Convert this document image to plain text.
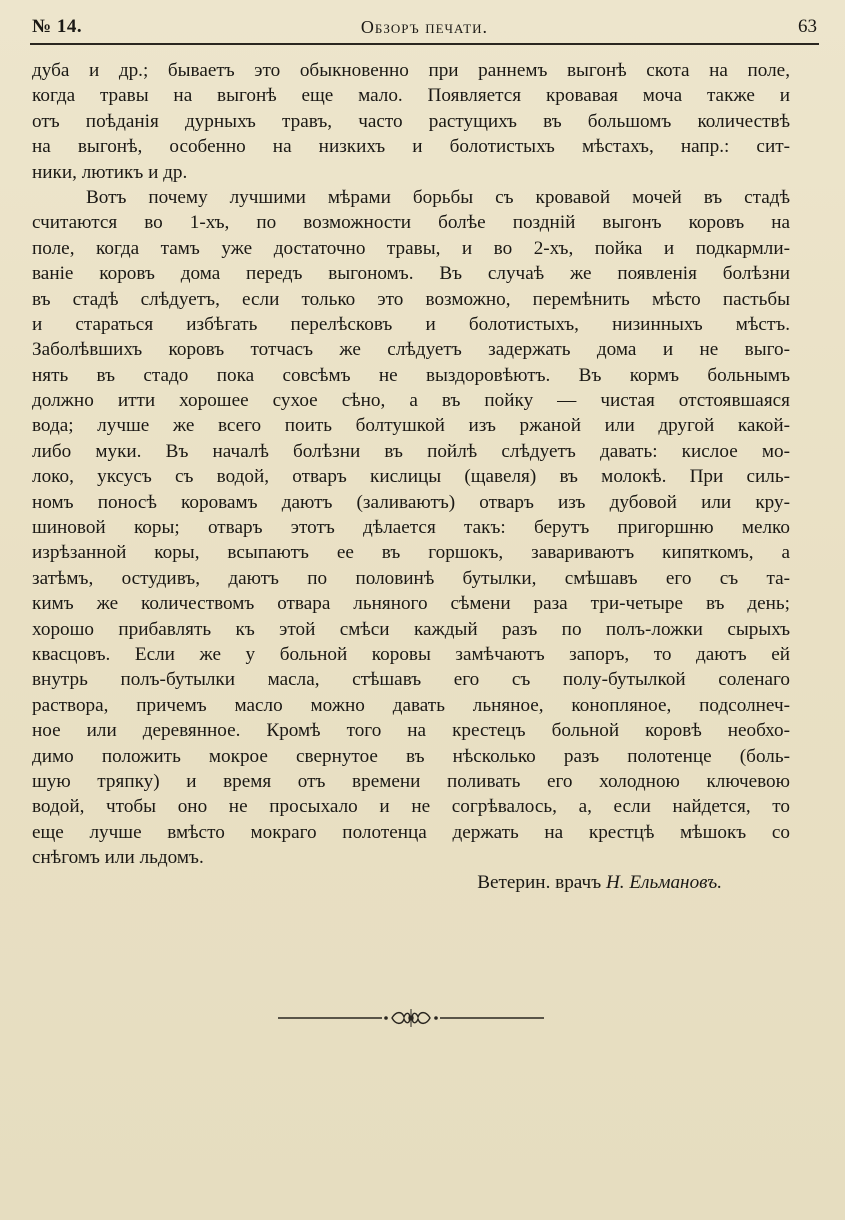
№ 14.	Обзоръ печати.	63
дуба и др.; бываетъ это обыкновенно при раннемъ выгонѣ скота на поле,
когда травы на выгонѣ еще мало. Появляется кровавая моча также и
отъ поѣданія дурныхъ травъ, часто растущихъ въ большомъ количествѣ
на выгонѣ, особенно на низкихъ и болотистыхъ мѣстахъ, напр.: сит-
ники, лютикъ и др.
Вотъ почему лучшими мѣрами борьбы съ кровавой мочей въ стадѣ
считаются во 1-хъ, по возможности болѣе поздній выгонъ коровъ на
поле, когда тамъ уже достаточно травы, и во 2-хъ, пойка и подкармли-
ваніе коровъ дома передъ выгономъ. Въ случаѣ же появленія болѣзни
въ стадѣ слѣдуетъ, если только это возможно, перемѣнить мѣсто пастьбы
и стараться избѣгать перелѣсковъ и болотистыхъ, низинныхъ мѣстъ.
Заболѣвшихъ коровъ тотчасъ же слѣдуетъ задержать дома и не выго-
нять въ стадо пока совсѣмъ не выздоровѣютъ. Въ кормъ больнымъ
должно итти хорошее сухое сѣно, а въ пойку — чистая отстоявшаяся
вода; лучше же всего поить болтушкой изъ ржаной или другой какой-
либо муки. Въ началѣ болѣзни въ пойлѣ слѣдуетъ давать: кислое мо-
локо, уксусъ съ водой, отваръ кислицы (щавеля) въ молокѣ. При силь-
номъ поносѣ коровамъ даютъ (заливаютъ) отваръ изъ дубовой или кру-
шиновой коры; отваръ этотъ дѣлается такъ: берутъ пригоршню мелко
изрѣзанной коры, всыпаютъ ее въ горшокъ, завариваютъ кипяткомъ, а
затѣмъ, остудивъ, даютъ по половинѣ бутылки, смѣшавъ его съ та-
кимъ же количествомъ отвара льняного сѣмени раза три-четыре въ день;
хорошо прибавлять къ этой смѣси каждый разъ по полъ-ложки сырыхъ
квасцовъ. Если же у больной коровы замѣчаютъ запоръ, то даютъ ей
внутрь полъ-бутылки масла, стѣшавъ его съ полу-бутылкой соленаго
раствора, причемъ масло можно давать льняное, конопляное, подсолнеч-
ное или деревянное. Кромѣ того на крестецъ больной коровѣ необхо-
димо положить мокрое свернутое въ нѣсколько разъ полотенце (боль-
шую тряпку) и время отъ времени поливать его холодною ключевою
водой, чтобы оно не просыхало и не согрѣвалось, а, если найдется, то
еще лучше вмѣсто мокраго полотенца держать на крестцѣ мѣшокъ со
снѣгомъ или льдомъ.
Ветерин. врачъ Н. Ельмановъ.
